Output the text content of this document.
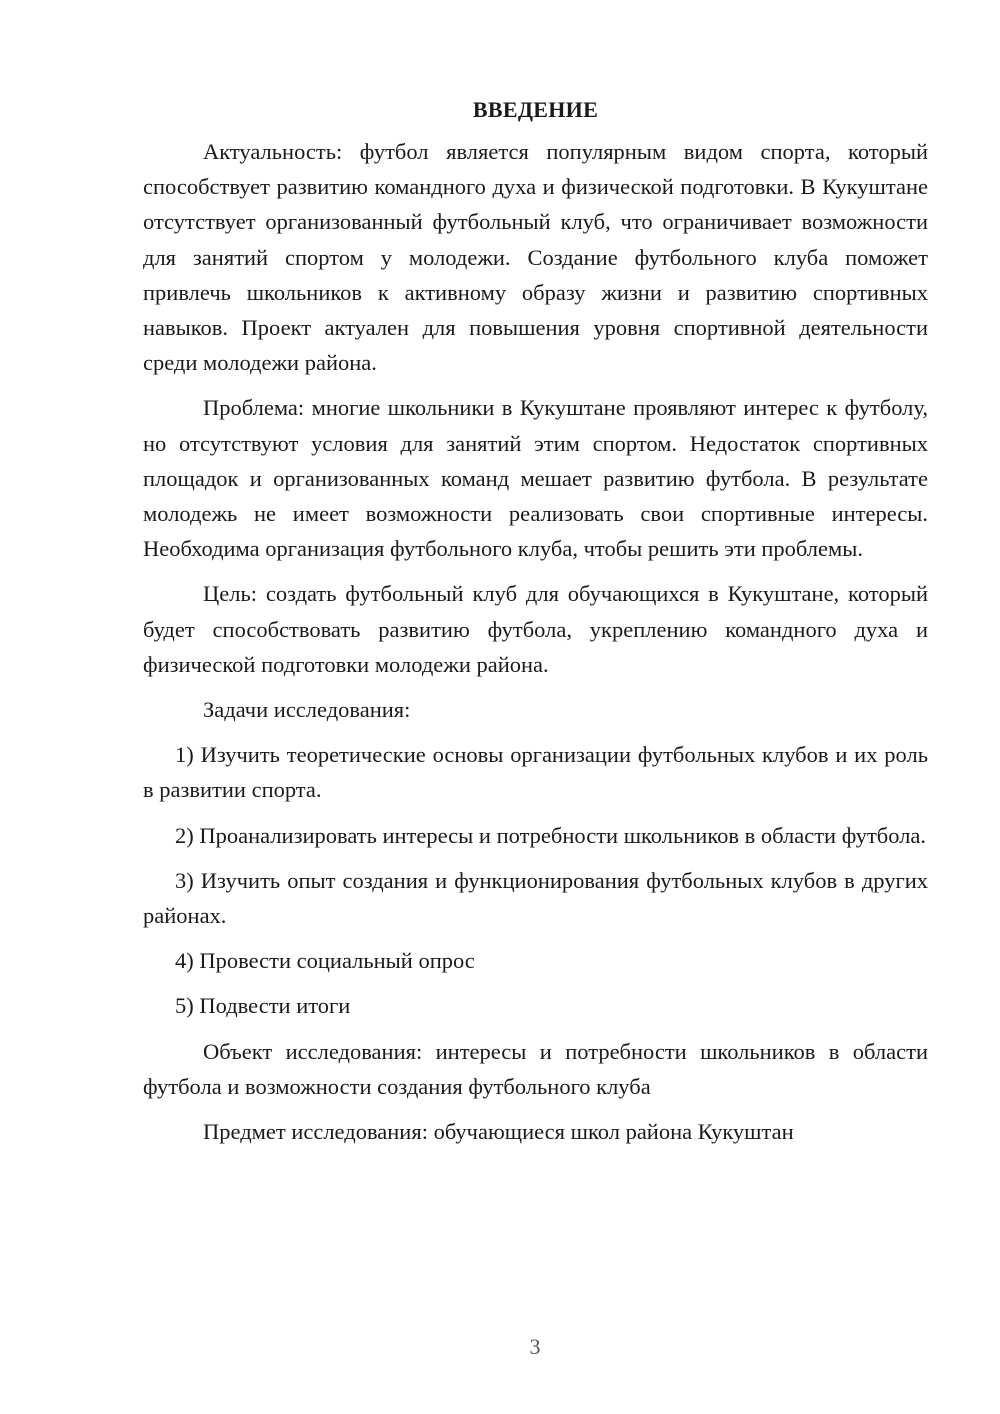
ВВЕДЕНИЕ

Актуальность: футбол является популярным видом спорта, который способствует развитию командного духа и физической подготовки. В Кукуштане отсутствует организованный футбольный клуб, что ограничивает возможности для занятий спортом у молодежи. Создание футбольного клуба поможет привлечь школьников к активному образу жизни и развитию спортивных навыков. Проект актуален для повышения уровня спортивной деятельности среди молодежи района.

Проблема: многие школьники в Кукуштане проявляют интерес к футболу, но отсутствуют условия для занятий этим спортом. Недостаток спортивных площадок и организованных команд мешает развитию футбола. В результате молодежь не имеет возможности реализовать свои спортивные интересы. Необходима организация футбольного клуба, чтобы решить эти проблемы.

Цель: создать футбольный клуб для обучающихся в Кукуштане, который будет способствовать развитию футбола, укреплению командного духа и физической подготовки молодежи района.

Задачи исследования:

1) Изучить теоретические основы организации футбольных клубов и их роль в развитии спорта.

2) Проанализировать интересы и потребности школьников в области футбола.

3) Изучить опыт создания и функционирования футбольных клубов в других районах.

4) Провести социальный опрос

5) Подвести итоги

Объект исследования: интересы и потребности школьников в области футбола и возможности создания футбольного клуба

Предмет исследования: обучающиеся школ района Кукуштан

3
